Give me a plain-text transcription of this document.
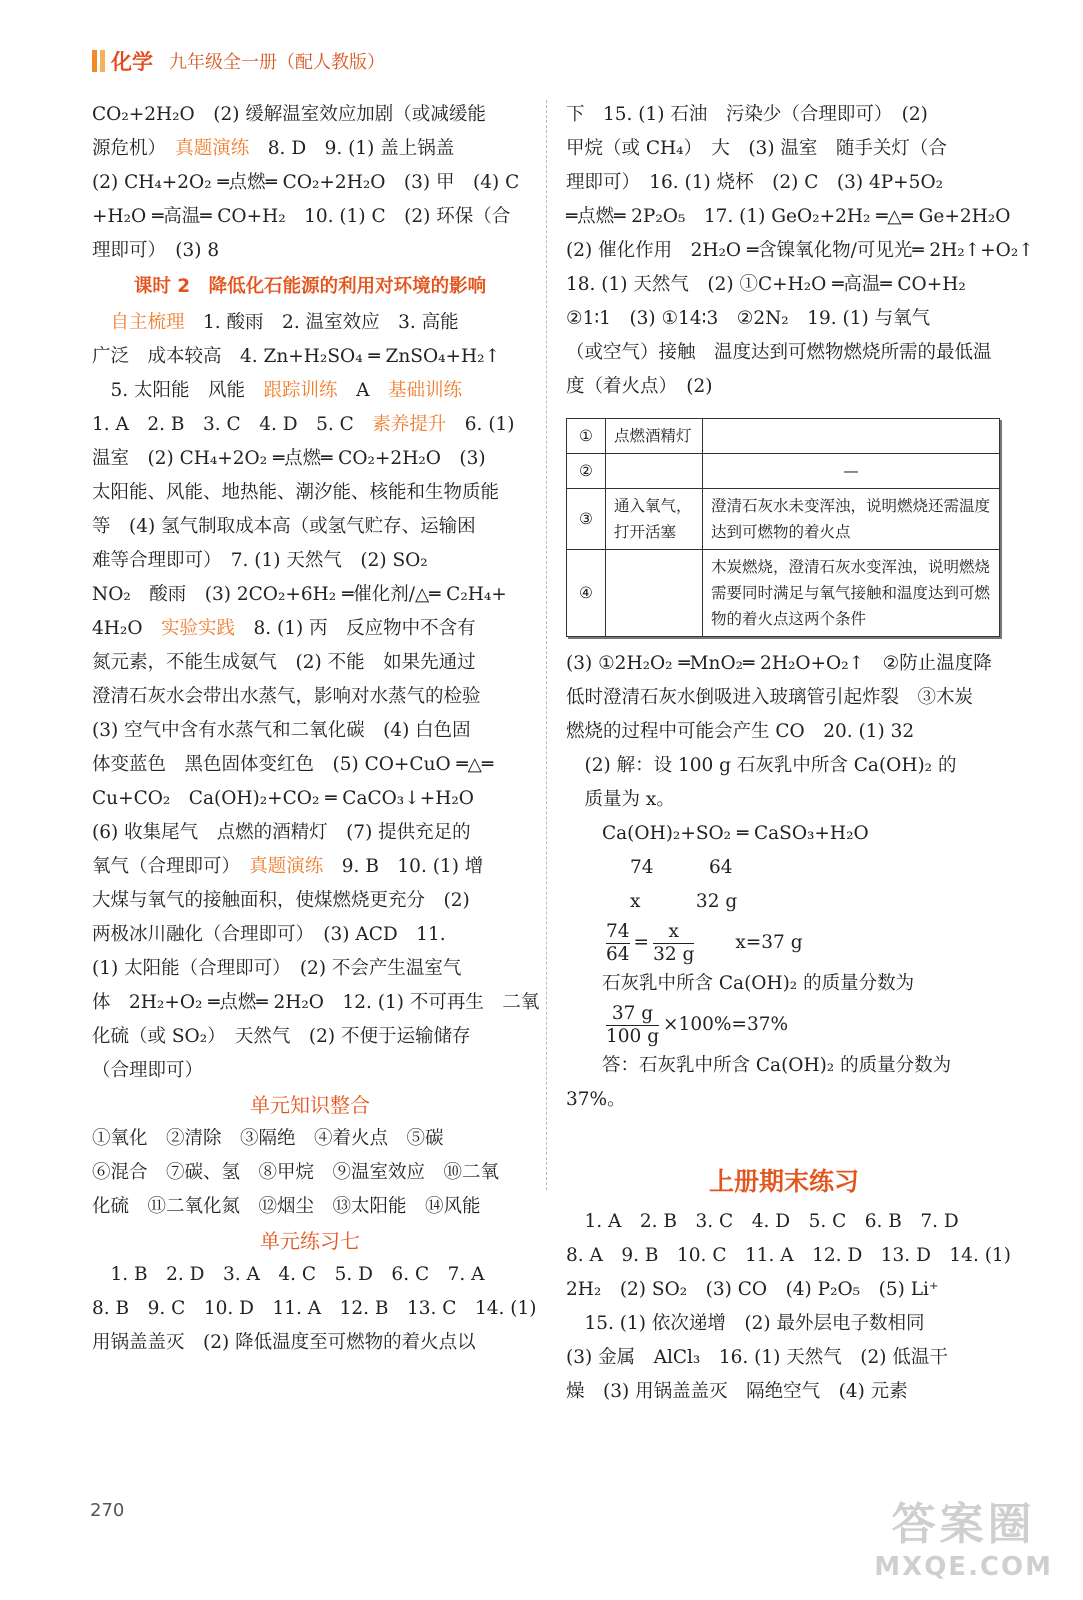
化学 九年级全一册（配人教版）

CO₂+2H₂O　(2) 缓解温室效应加剧（或减缓能

源危机）　真题演练　8. D　9. (1) 盖上锅盖

(2) CH₄+2O₂ ═点燃═ CO₂+2H₂O　(3) 甲　(4) C

+H₂O ═高温═ CO+H₂　10. (1) C　(2) 环保（合

理即可）　(3) 8

课时 2　降低化石能源的利用对环境的影响

　自主梳理　1. 酸雨　2. 温室效应　3. 高能

广泛　成本较高　4. Zn+H₂SO₄ ═ ZnSO₄+H₂↑

　5. 太阳能　风能　跟踪训练　A　基础训练

1. A　2. B　3. C　4. D　5. C　素养提升　6. (1)

温室　(2) CH₄+2O₂ ═点燃═ CO₂+2H₂O　(3)

太阳能、风能、地热能、潮汐能、核能和生物质能

等　(4) 氢气制取成本高（或氢气贮存、运输困

难等合理即可）　7. (1) 天然气　(2) SO₂

NO₂　酸雨　(3) 2CO₂+6H₂ ═催化剂/△═ C₂H₄+

4H₂O　实验实践　8. (1) 丙　反应物中不含有

氮元素，不能生成氨气　(2) 不能　如果先通过

澄清石灰水会带出水蒸气，影响对水蒸气的检验

(3) 空气中含有水蒸气和二氧化碳　(4) 白色固

体变蓝色　黑色固体变红色　(5) CO+CuO ═△═

Cu+CO₂　Ca(OH)₂+CO₂ ═ CaCO₃↓+H₂O

(6) 收集尾气　点燃的酒精灯　(7) 提供充足的

氧气（合理即可）　真题演练　9. B　10. (1) 增

大煤与氧气的接触面积，使煤燃烧更充分　(2)

两极冰川融化（合理即可）　(3) ACD　11.

(1) 太阳能（合理即可）　(2) 不会产生温室气

体　2H₂+O₂ ═点燃═ 2H₂O　12. (1) 不可再生　二氧

化硫（或 SO₂）　天然气　(2) 不便于运输储存

（合理即可）

单元知识整合

①氧化　②清除　③隔绝　④着火点　⑤碳

⑥混合　⑦碳、氢　⑧甲烷　⑨温室效应　⑩二氧

化硫　⑪二氧化氮　⑫烟尘　⑬太阳能　⑭风能

单元练习七

　1. B　2. D　3. A　4. C　5. D　6. C　7. A

8. B　9. C　10. D　11. A　12. B　13. C　14. (1)

用锅盖盖灭　(2) 降低温度至可燃物的着火点以

下　15. (1) 石油　污染少（合理即可）　(2)

甲烷（或 CH₄）　大　(3) 温室　随手关灯（合

理即可）　16. (1) 烧杯　(2) C　(3) 4P+5O₂

═点燃═ 2P₂O₅　17. (1) GeO₂+2H₂ ═△═ Ge+2H₂O

(2) 催化作用　2H₂O ═含镍氧化物/可见光═ 2H₂↑+O₂↑

18. (1) 天然气　(2) ①C+H₂O ═高温═ CO+H₂

②1∶1　(3) ①14∶3　②2N₂　19. (1) 与氧气

（或空气）接触　温度达到可燃物燃烧所需的最低温

度（着火点）　(2)

①	点燃酒精灯	
②		—
③	通入氧气，打开活塞	澄清石灰水未变浑浊，说明燃烧还需温度达到可燃物的着火点
④		木炭燃烧，澄清石灰水变浑浊，说明燃烧需要同时满足与氧气接触和温度达到可燃物的着火点这两个条件

(3) ①2H₂O₂ ═MnO₂═ 2H₂O+O₂↑　②防止温度降

低时澄清石灰水倒吸进入玻璃管引起炸裂　③木炭

燃烧的过程中可能会产生 CO　20. (1) 32

　(2) 解：设 100 g 石灰乳中所含 Ca(OH)₂ 的

　质量为 x。

Ca(OH)₂+SO₂ ═ CaSO₃+H₂O

74　　　64

x　　　32 g

$\frac{74}{64} = \frac{x}{32 g}$
　　 x=37 g

石灰乳中所含 Ca(OH)₂ 的质量分数为

$\frac{37 g}{100 g} \times 100\%=37\%$

答：石灰乳中所含 Ca(OH)₂ 的质量分数为

37%。

上册期末练习

　1. A　2. B　3. C　4. D　5. C　6. B　7. D

8. A　9. B　10. C　11. A　12. D　13. D　14. (1)

2H₂　(2) SO₂　(3) CO　(4) P₂O₅　(5) Li⁺

　15. (1) 依次递增　(2) 最外层电子数相同

(3) 金属　AlCl₃　16. (1) 天然气　(2) 低温干

燥　(3) 用锅盖盖灭　隔绝空气　(4) 元素

270	答案圈
MXQE.COM
